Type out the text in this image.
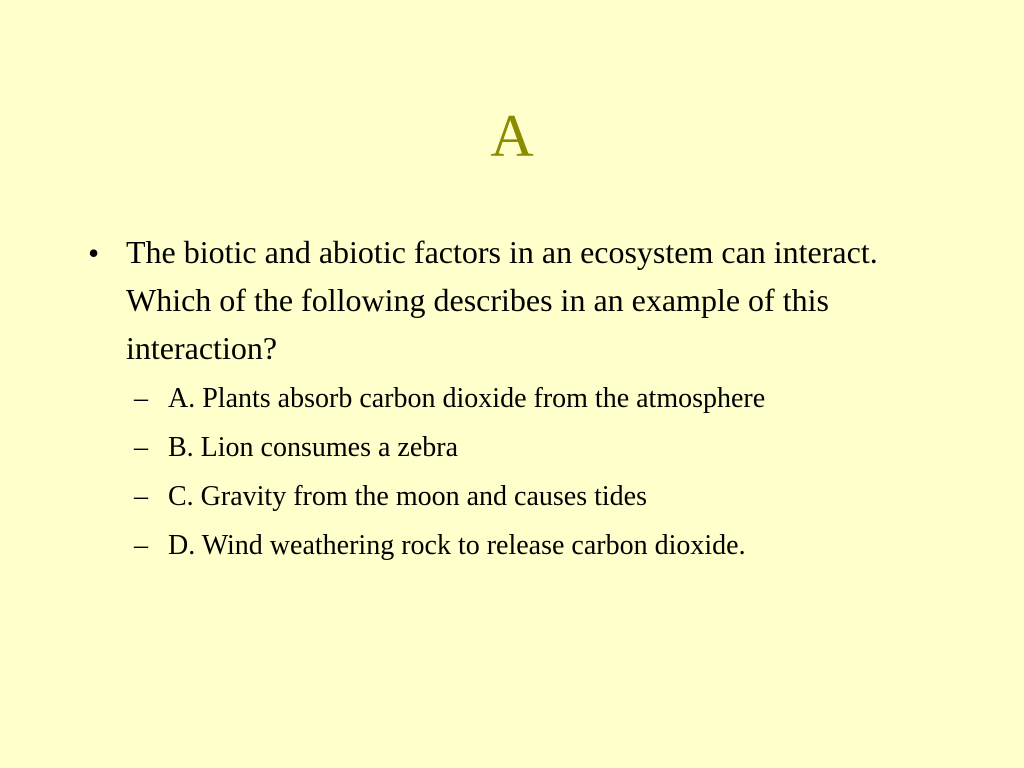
A
• The biotic and abiotic factors in an ecosystem can interact. Which of the following describes in an example of this interaction?
– A. Plants absorb carbon dioxide from the atmosphere
– B. Lion consumes a zebra
– C. Gravity from the moon and causes tides
– D. Wind weathering rock to release carbon dioxide.
